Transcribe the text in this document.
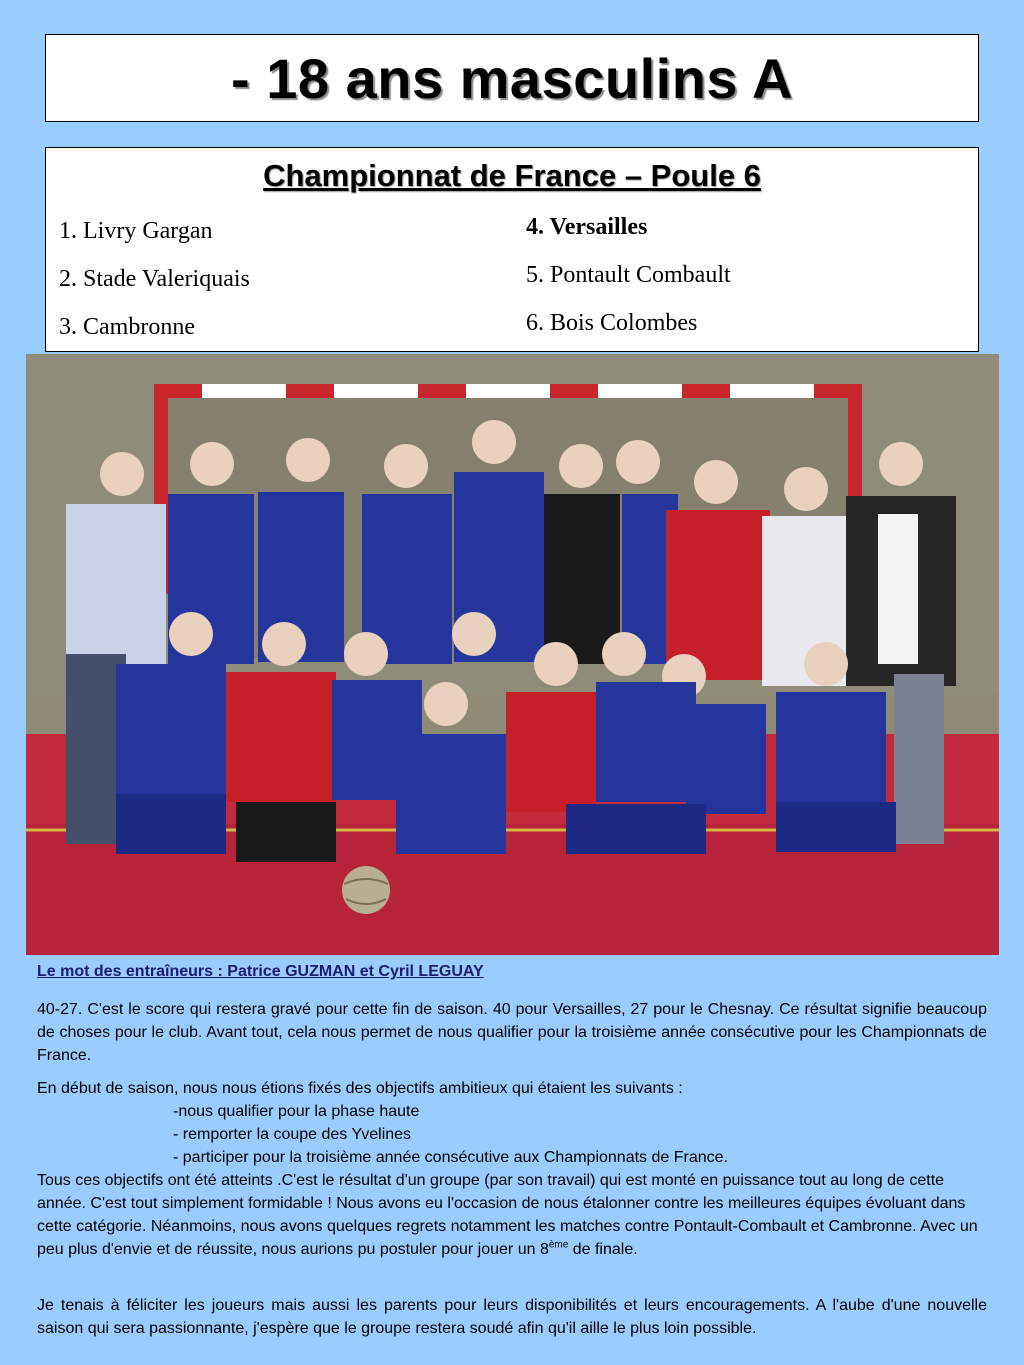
- 18 ans masculins A
Championnat de France – Poule 6
1. Livry Gargan
2. Stade Valeriquais
3. Cambronne
4. Versailles
5. Pontault Combault
6. Bois Colombes

Le mot des entraîneurs : Patrice GUZMAN et Cyril LEGUAY

40-27. C'est le score qui restera gravé pour cette fin de saison. 40 pour Versailles, 27 pour le Chesnay. Ce résultat signifie beaucoup de choses pour le club. Avant tout, cela nous permet de nous qualifier pour la troisième année consécutive pour les Championnats de France.
En début de saison, nous nous étions fixés des objectifs ambitieux qui étaient les suivants :
-nous qualifier pour la phase haute
- remporter la coupe des Yvelines
- participer pour la troisième année consécutive aux Championnats de France.
Tous ces objectifs ont été atteints .C'est le résultat d'un groupe (par son travail) qui est monté en puissance tout au long de cette année. C'est tout simplement formidable ! Nous avons eu l'occasion de nous étalonner contre les meilleures équipes évoluant dans cette catégorie. Néanmoins, nous avons quelques regrets notamment les matches contre Pontault-Combault et Cambronne. Avec un peu plus d'envie et de réussite, nous aurions pu postuler pour jouer un 8ème de finale.
Je tenais à féliciter les joueurs mais aussi les parents pour leurs disponibilités et leurs encouragements. A l'aube d'une nouvelle saison qui sera passionnante, j'espère que le groupe restera soudé afin qu'il aille le plus loin possible.
